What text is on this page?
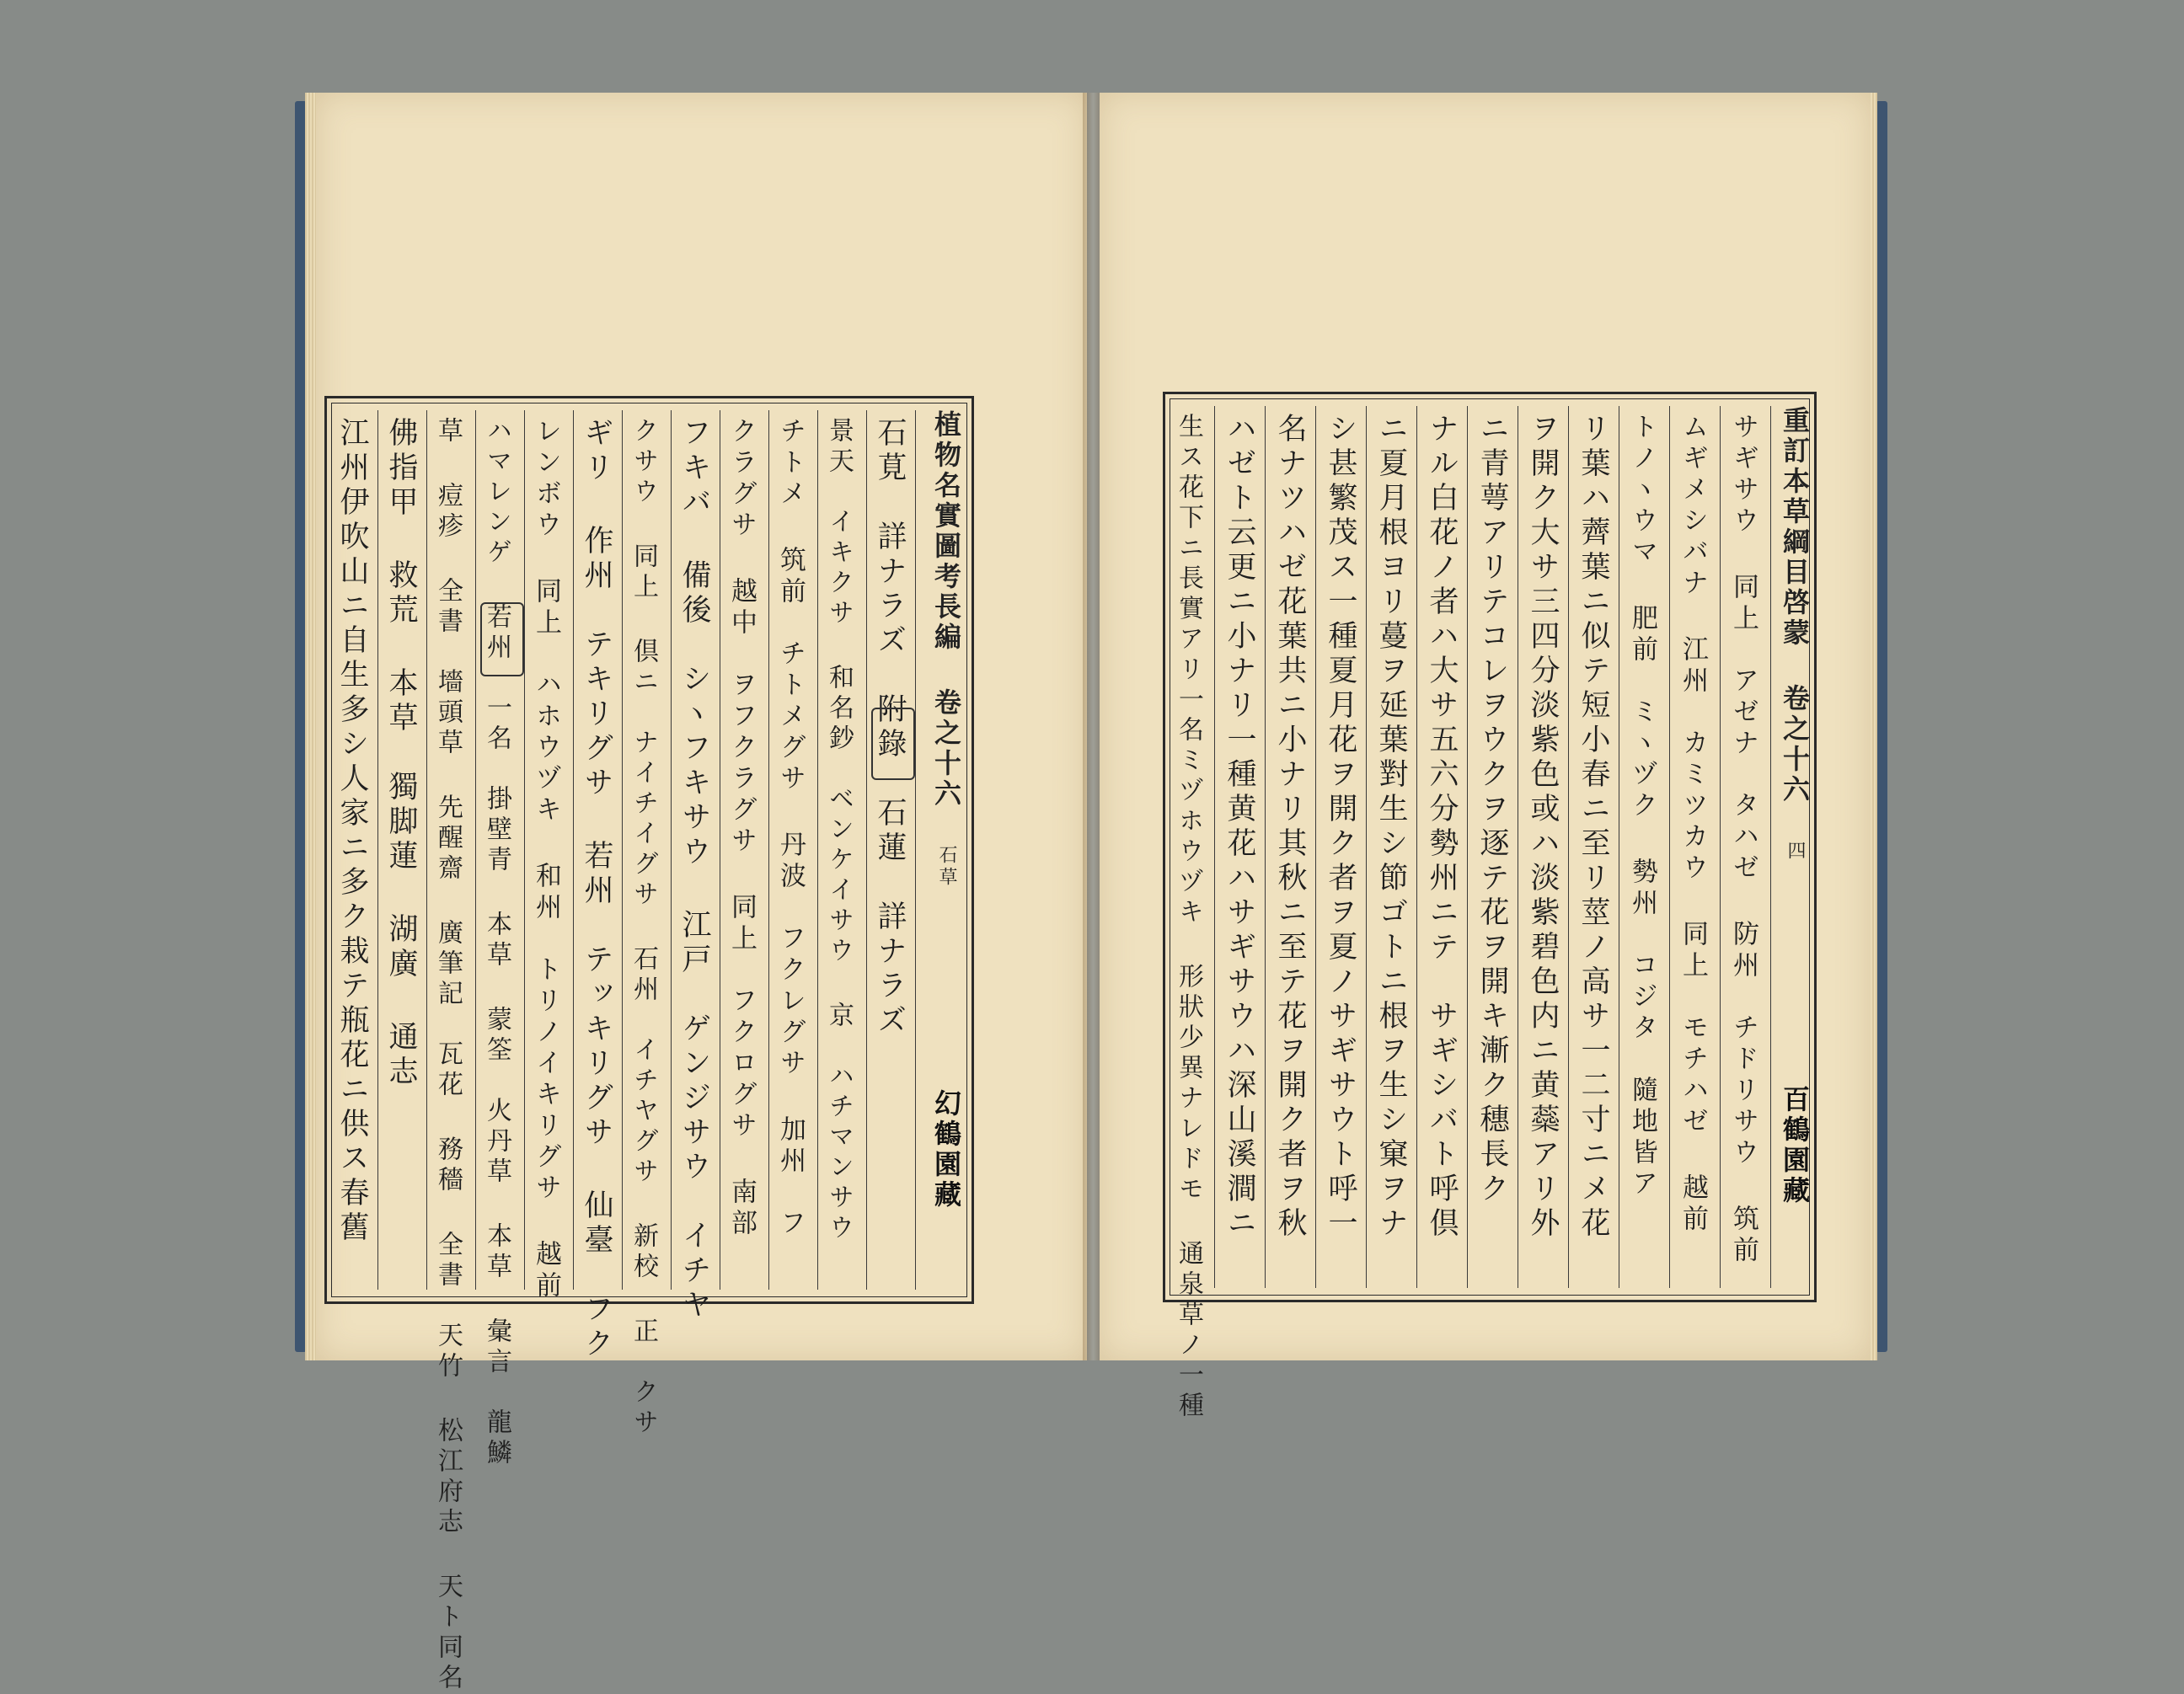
江州伊吹山ニ自生多シ人家ニ多ク栽テ瓶花ニ供ス春舊 佛指甲 救荒 本草　獨脚蓮 湖廣 通志 草 痘疹 全書　墻頭草 先醒齋 廣筆記　瓦花 務穡 全書　天竹 松江府志 天ト同名 ハマレンゲ 若州　一名　掛壁青 本草 蒙筌　火丹草 本草 彙言　龍鱗 レンボウ 同上　ハホウヅキ 和州　トリノイキリグサ 越前 ギリ 作州　テキリグサ 若州　テッキリグサ 仙臺　フク クサウ 同上 倶ニ　ナイチイグサ 石州　イチヤグサ 新校 正　クサ フキバ 備後　シヽフキサウ 江戸　ゲンジサウ　イチヤ クラグサ 越中　ヲフクラグサ 同上　フクログサ 南部 チトメ 筑前　チトメグサ 丹波　フクレグサ 加州　フ 景天　イキクサ 和名鈔　ベンケイサウ 京　ハチマンサウ 石莧　詳ナラズ　附錄　石蓮　詳ナラズ 植物名實圖考長編 卷之十六 石草
幻鶴園藏	生ス花下ニ長實アリ一名ミヅホウヅキ 形狀少異ナレドモ 通泉草ノ一種 ハゼト云更ニ小ナリ一種黄花ハサギサウハ深山溪澗ニ 名ナツハゼ花葉共ニ小ナリ其秋ニ至テ花ヲ開ク者ヲ秋 シ甚繁茂ス一種夏月花ヲ開ク者ヲ夏ノサギサウト呼一 ニ夏月根ヨリ蔓ヲ延葉對生シ節ゴトニ根ヲ生シ窠ヲナ ナル白花ノ者ハ大サ五六分勢州ニテ　サギシバト呼倶 ニ青萼アリテコレヲウクヲ逐テ花ヲ開キ漸ク穗長ク ヲ開ク大サ三四分淡紫色或ハ淡紫碧色内ニ黄蘂アリ外 リ葉ハ薺葉ニ似テ短小春ニ至リ莖ノ高サ一二寸ニメ花 トノヽウマ 肥前　ミヽヅク 勢州　コジタ　隨地皆ア ムギメシバナ 江州　カミツカウ 同上　モチハゼ 越前 サギサウ 同上　アゼナ　タハゼ 防州　チドリサウ 筑前 重訂本草綱目啓蒙 卷之十六 四
百鶴園藏
